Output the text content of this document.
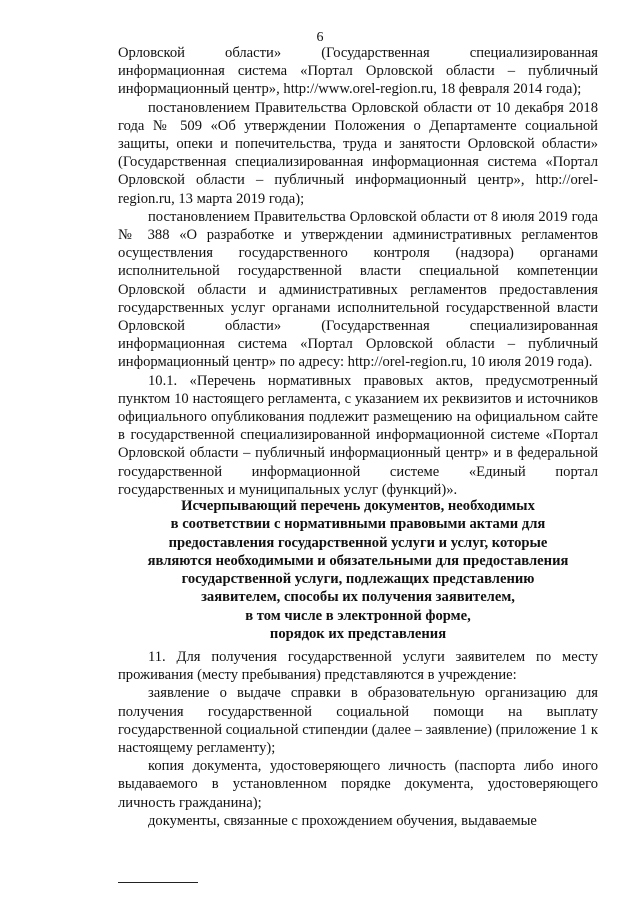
6

Орловской области» (Государственная специализированная информационная система «Портал Орловской области – публичный информационный центр», http://www.orel-region.ru, 18 февраля 2014 года);

постановлением Правительства Орловской области от 10 декабря 2018 года № 509 «Об утверждении Положения о Департаменте социальной защиты, опеки и попечительства, труда и занятости Орловской области» (Государственная специализированная информационная система «Портал Орловской области – публичный информационный центр», http://orel-region.ru, 13 марта 2019 года);

постановлением Правительства Орловской области от 8 июля 2019 года № 388 «О разработке и утверждении административных регламентов осуществления государственного контроля (надзора) органами исполнительной государственной власти специальной компетенции Орловской области и административных регламентов предоставления государственных услуг органами исполнительной государственной власти Орловской области» (Государственная специализированная информационная система «Портал Орловской области – публичный информационный центр» по адресу: http://orel-region.ru, 10 июля 2019 года).

10.1. «Перечень нормативных правовых актов, предусмотренный пунктом 10 настоящего регламента, с указанием их реквизитов и источников официального опубликования подлежит размещению на официальном сайте в государственной специализированной информационной системе «Портал Орловской области – публичный информационный центр» и в федеральной государственной информационной системе «Единый портал государственных и муниципальных услуг (функций)».

Исчерпывающий перечень документов, необходимых
в соответствии с нормативными правовыми актами для
предоставления государственной услуги и услуг, которые
являются необходимыми и обязательными для предоставления
государственной услуги, подлежащих представлению
заявителем, способы их получения заявителем,
в том числе в электронной форме,
порядок их представления

11. Для получения государственной услуги заявителем по месту проживания (месту пребывания) представляются в учреждение:

заявление о выдаче справки в образовательную организацию для получения государственной социальной помощи на выплату государственной социальной стипендии (далее – заявление) (приложение 1 к настоящему регламенту);

копия документа, удостоверяющего личность (паспорта либо иного выдаваемого в установленном порядке документа, удостоверяющего личность гражданина);

документы, связанные с прохождением обучения, выдаваемые
